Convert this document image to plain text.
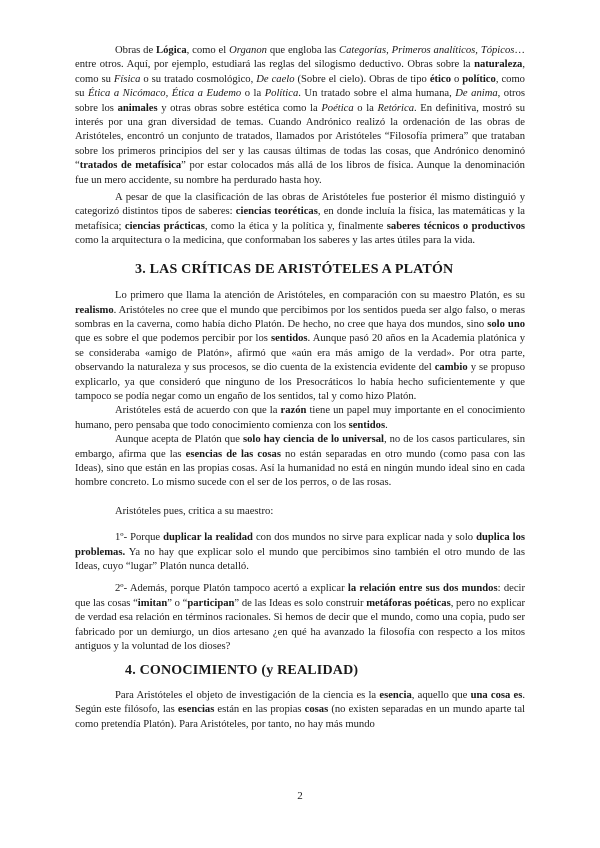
Obras de Lógica, como el Organon que engloba las Categorías, Primeros analíticos, Tópicos…entre otros. Aquí, por ejemplo, estudiará las reglas del silogismo deductivo. Obras sobre la naturaleza, como su Física o su tratado cosmológico, De caelo (Sobre el cielo). Obras de tipo ético o político, como su Ética a Nicómaco, Ética a Eudemo o la Política. Un tratado sobre el alma humana, De anima, otros sobre los animales y otras obras sobre estética como la Poética o la Retórica. En definitiva, mostró su interés por una gran diversidad de temas. Cuando Andrónico realizó la ordenación de las obras de Aristóteles, encontró un conjunto de tratados, llamados por Aristóteles “Filosofía primera” que trataban sobre los primeros principios del ser y las causas últimas de todas las cosas, que Andrónico denominó “tratados de metafísica” por estar colocados más allá de los libros de física. Aunque la denominación fue un mero accidente, su nombre ha perdurado hasta hoy.

A pesar de que la clasificación de las obras de Aristóteles fue posterior él mismo distinguió y categorizó distintos tipos de saberes: ciencias teoréticas, en donde incluía la física, las matemáticas y la metafísica; ciencias prácticas, como la ética y la política y, finalmente saberes técnicos o productivos como la arquitectura o la medicina, que conformaban los saberes y las artes útiles para la vida.

3. LAS CRÍTICAS DE ARISTÓTELES A PLATÓN

Lo primero que llama la atención de Aristóteles, en comparación con su maestro Platón, es su realismo. Aristóteles no cree que el mundo que percibimos por los sentidos pueda ser algo falso, o meras sombras en la caverna, como había dicho Platón. De hecho, no cree que haya dos mundos, sino solo uno que es sobre el que podemos percibir por los sentidos. Aunque pasó 20 años en la Academia platónica y se consideraba «amigo de Platón», afirmó que «aún era más amigo de la verdad». Por otra parte, observando la naturaleza y sus procesos, se dio cuenta de la existencia evidente del cambio y se propuso explicarlo, ya que consideró que ninguno de los Presocráticos lo había hecho suficientemente y que tampoco se podía negar como un engaño de los sentidos, tal y como hizo Platón.

Aristóteles está de acuerdo con que la razón tiene un papel muy importante en el conocimiento humano, pero pensaba que todo conocimiento comienza con los sentidos.

Aunque acepta de Platón que solo hay ciencia de lo universal, no de los casos particulares, sin embargo, afirma que las esencias de las cosas no están separadas en otro mundo (como pasa con las Ideas), sino que están en las propias cosas. Así la humanidad no está en ningún mundo ideal sino en cada hombre concreto. Lo mismo sucede con el ser de los perros, o de las rosas.

Aristóteles pues, critica a su maestro:

1º- Porque duplicar la realidad con dos mundos no sirve para explicar nada y solo duplica los problemas. Ya no hay que explicar solo el mundo que percibimos sino también el otro mundo de las Ideas, cuyo “lugar” Platón nunca detalló.

2º- Además, porque Platón tampoco acertó a explicar la relación entre sus dos mundos: decir que las cosas “imitan” o “participan” de las Ideas es solo construir metáforas poéticas, pero no explicar de verdad esa relación en términos racionales. Si hemos de decir que el mundo, como una copia, pudo ser fabricado por un demiurgo, un dios artesano ¿en qué ha avanzado la filosofía con respecto a los mitos antiguos y la voluntad de los dioses?

4. CONOCIMIENTO (y REALIDAD)

Para Aristóteles el objeto de investigación de la ciencia es la esencia, aquello que una cosa es. Según este filósofo, las esencias están en las propias cosas (no existen separadas en un mundo aparte tal como pretendía Platón). Para Aristóteles, por tanto, no hay más mundo

2
